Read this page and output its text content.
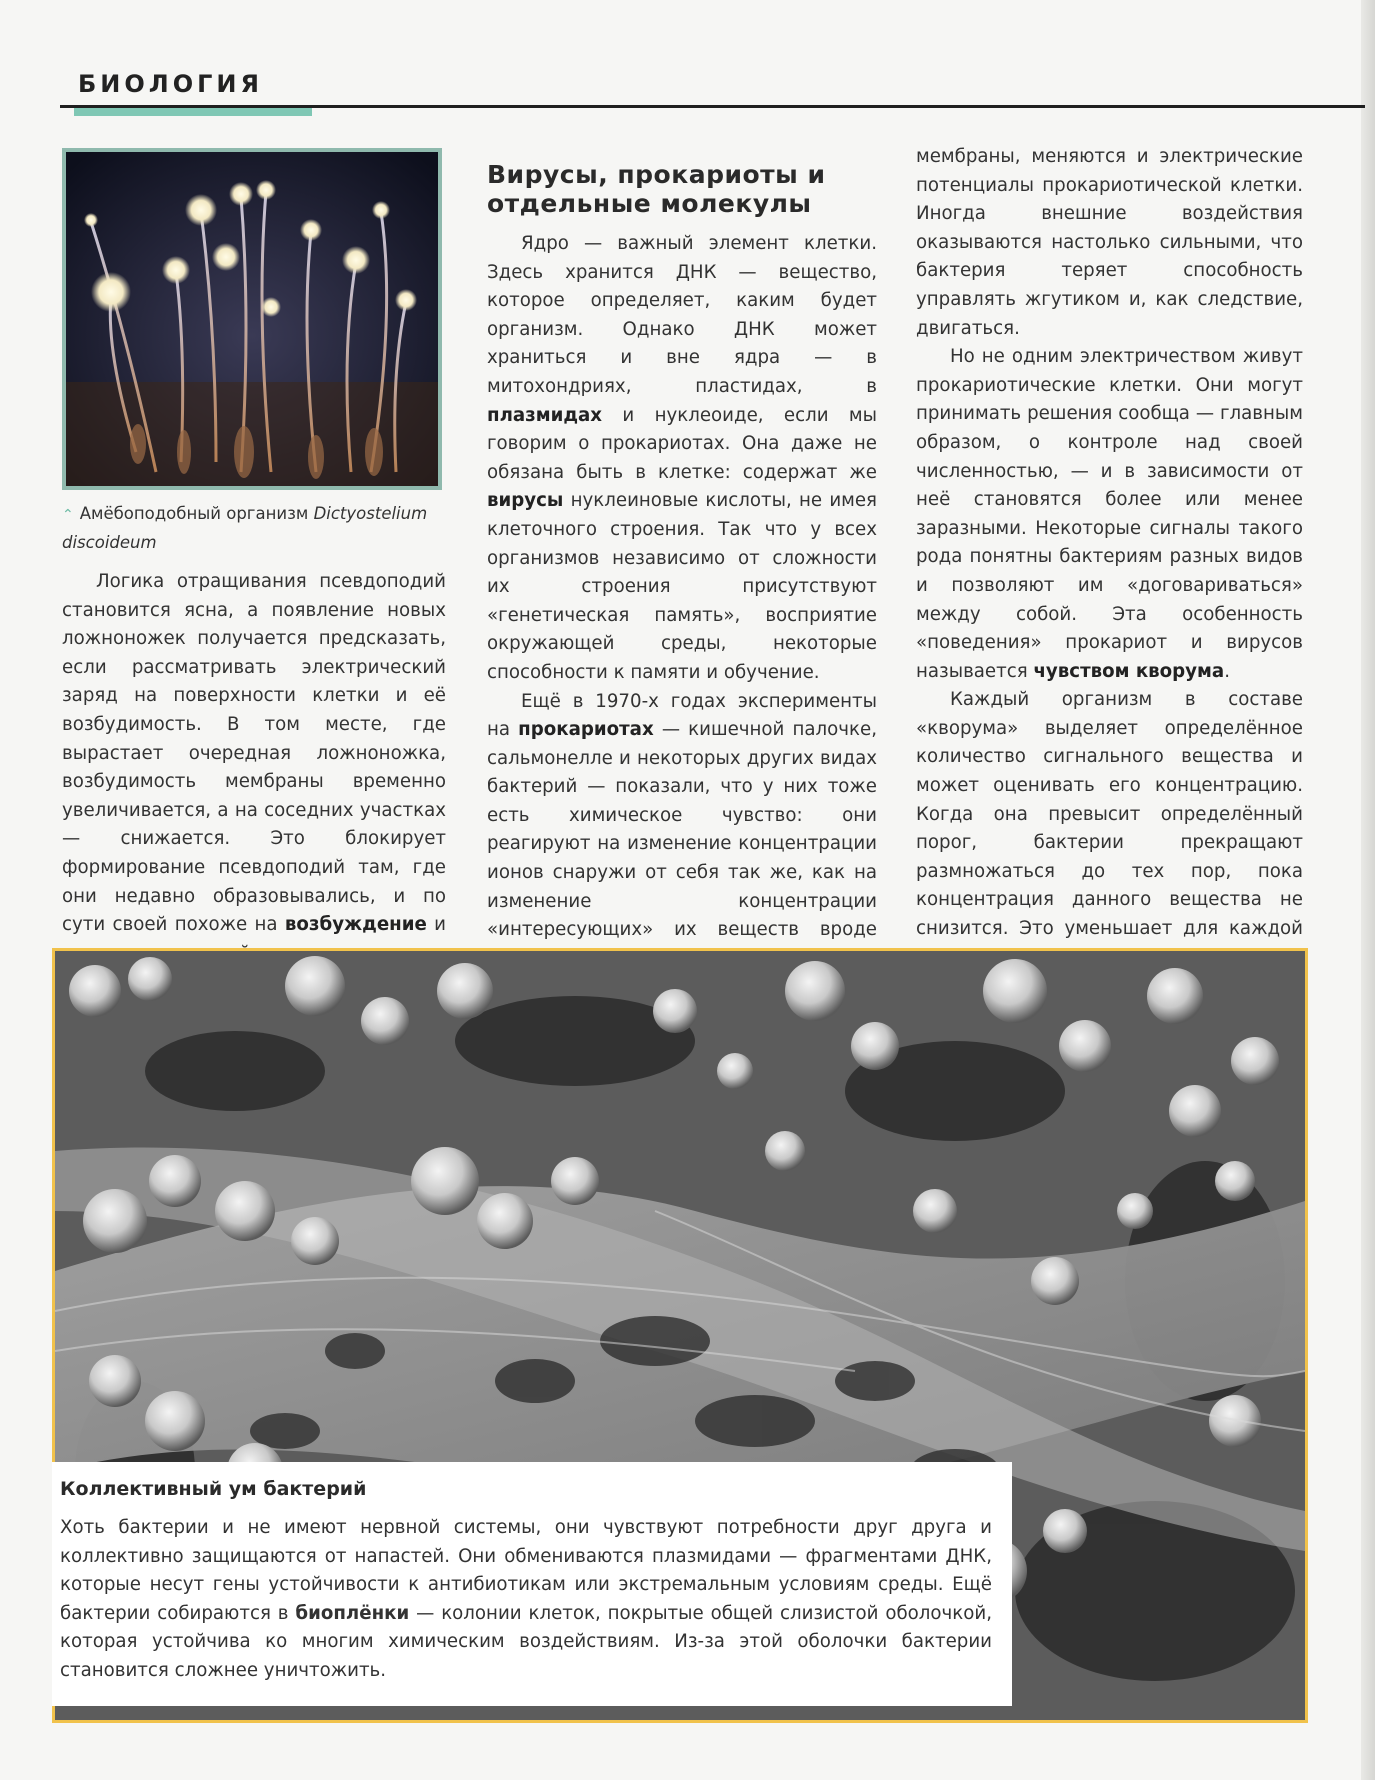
БИОЛОГИЯ
⌃ Амёбоподобный организм Dictyostelium discoideum

Логика отращивания псевдоподий становится ясна, а появление новых ложноножек получается предсказать, если рассматривать электрический заряд на поверхности клетки и её возбудимость. В том месте, где вырастает очередная ложноножка, возбудимость мембраны временно увеличивается, а на соседних участках — снижается. Это блокирует формирование псевдоподий там, где они недавно образовывались, и по сути своей похоже на возбуждение и

Вирусы, прокариоты и отдельные молекулы

Ядро — важный элемент клетки. Здесь хранится ДНК — вещество, которое определяет, каким будет организм. Однако ДНК может храниться и вне ядра — в митохондриях, пластидах, в плазмидах и нуклеоиде, если мы говорим о прокариотах. Она даже не обязана быть в клетке: содержат же вирусы нуклеиновые кислоты, не имея клеточного строения. Так что у всех организмов независимо от сложности их строения присутствуют «генетическая память», восприятие окружающей среды, некоторые способности к памяти и обучение.

Ещё в 1970-х годах эксперименты на прокариотах — кишечной палочке, сальмонелле и некоторых других видах бактерий — показали, что у них тоже есть химическое чувство: они реагируют на изменение концентрации ионов снаружи от себя так же, как на изменение концентрации «интересующих» их веществ вроде

мембраны, меняются и электрические потенциалы прокариотической клетки. Иногда внешние воздействия оказываются настолько сильными, что бактерия теряет способность управлять жгутиком и, как следствие, двигаться.

Но не одним электричеством живут прокариотические клетки. Они могут принимать решения сообща — главным образом, о контроле над своей численностью, — и в зависимости от неё становятся более или менее заразными. Некоторые сигналы такого рода понятны бактериям разных видов и позволяют им «договариваться» между собой. Эта особенность «поведения» прокариот и вирусов называется чувством кворума.

Каждый организм в составе «кворума» выделяет определённое количество сигнального вещества и может оценивать его концентрацию. Когда она превысит определённый порог, бактерии прекращают размножаться до тех пор, пока концентрация данного вещества не снизится. Это уменьшает для каждой

Коллективный ум бактерий

Хоть бактерии и не имеют нервной системы, они чувствуют потребности друг друга и коллективно защищаются от напастей. Они обмениваются плазмидами — фрагментами ДНК, которые несут гены устойчивости к антибиотикам или экстремальным условиям среды. Ещё бактерии собираются в биоплёнки — колонии клеток, покрытые общей слизистой оболочкой, которая устойчива ко многим химическим воздействиям. Из-за этой оболочки бактерии становится сложнее уничтожить.
